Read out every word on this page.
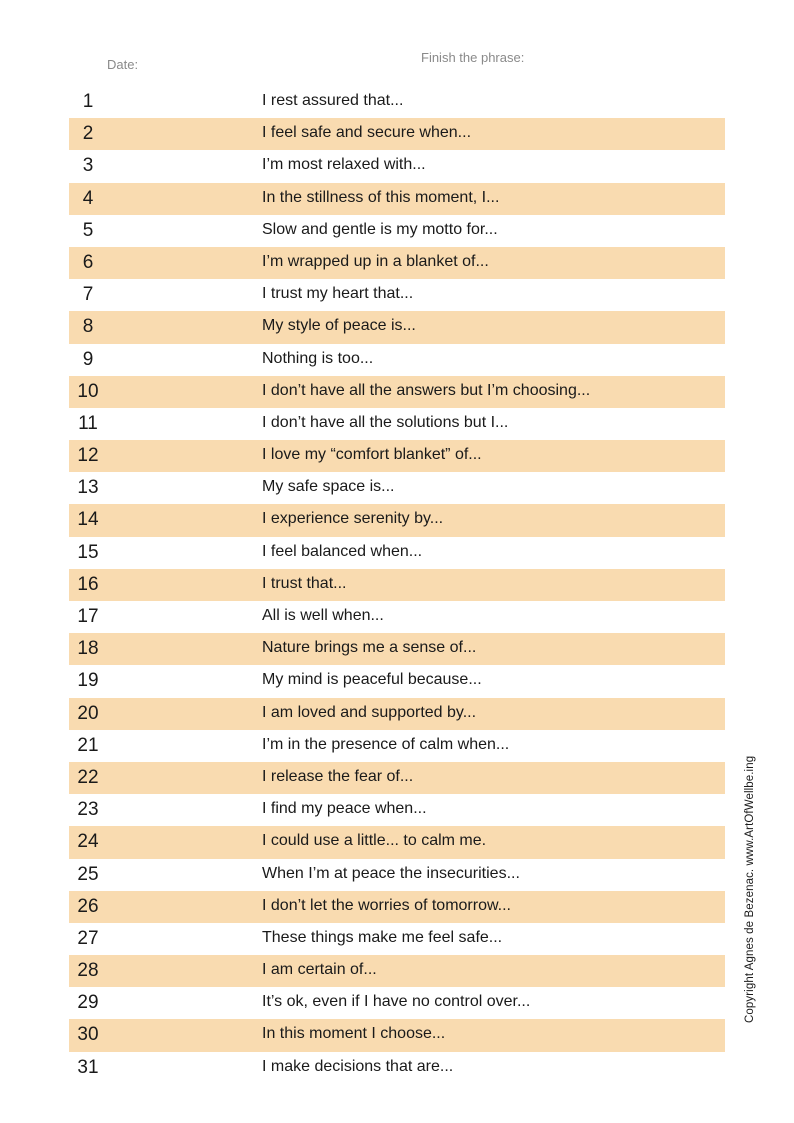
Date:	Finish the phrase:
1	I rest assured that...
2	I feel safe and secure when...
3	I’m most relaxed with...
4	In the stillness of this moment, I...
5	Slow and gentle is my motto for...
6	I’m wrapped up in a blanket of...
7	I trust my heart that...
8	My style of peace is...
9	Nothing is too...
10	I don’t have all the answers but I’m choosing...
11	I don’t have all the solutions but I...
12	I love my “comfort blanket” of...
13	My safe space is...
14	I experience serenity by...
15	I feel balanced when...
16	I trust that...
17	All is well when...
18	Nature brings me a sense of...
19	My mind is peaceful because...
20	I am loved and supported by...
21	I’m in the presence of calm when...
22	I release the fear of...
23	I find my peace when...
24	I could use a little... to calm me.
25	When I’m at peace the insecurities...
26	I don’t let the worries of tomorrow...
27	These things make me feel safe...
28	I am certain of...
29	It’s ok, even if I have no control over...
30	In this moment I choose...
31	I make decisions that are...
Copyright Agnes de Bezenac. www.ArtOfWellbe.ing
